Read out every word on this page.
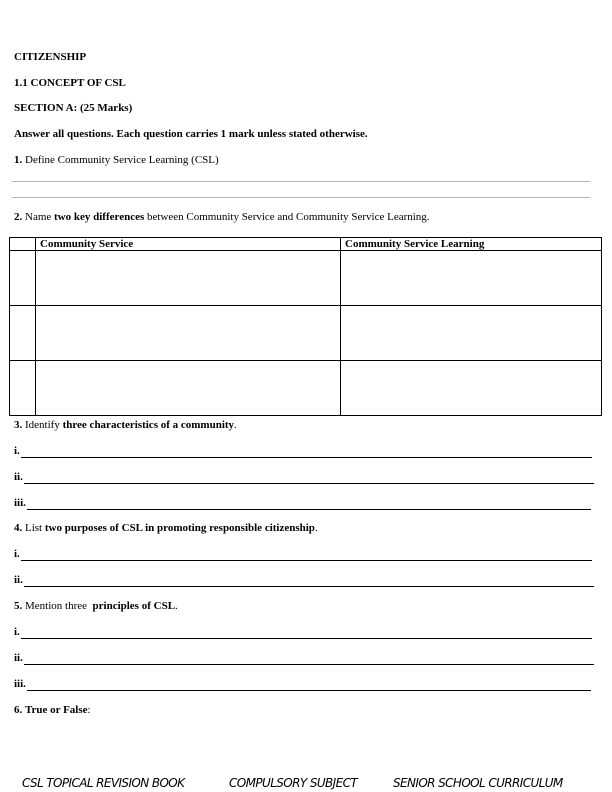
CITIZENSHIP
1.1 CONCEPT OF CSL
SECTION A: (25 Marks)
Answer all questions. Each question carries 1 mark unless stated otherwise.
1. Define Community Service Learning (CSL)
2. Name two key differences between Community Service and Community Service Learning.
	Community Service	Community Service Learning

3. Identify three characteristics of a community.
i.
ii.
iii.
4. List two purposes of CSL in promoting responsible citizenship.
i.
ii.
5. Mention three  principles of CSL.
i.
ii.
iii.
6. True or False:
CSL TOPICAL REVISION BOOK	COMPULSORY SUBJECT	SENIOR SCHOOL CURRICULUM
